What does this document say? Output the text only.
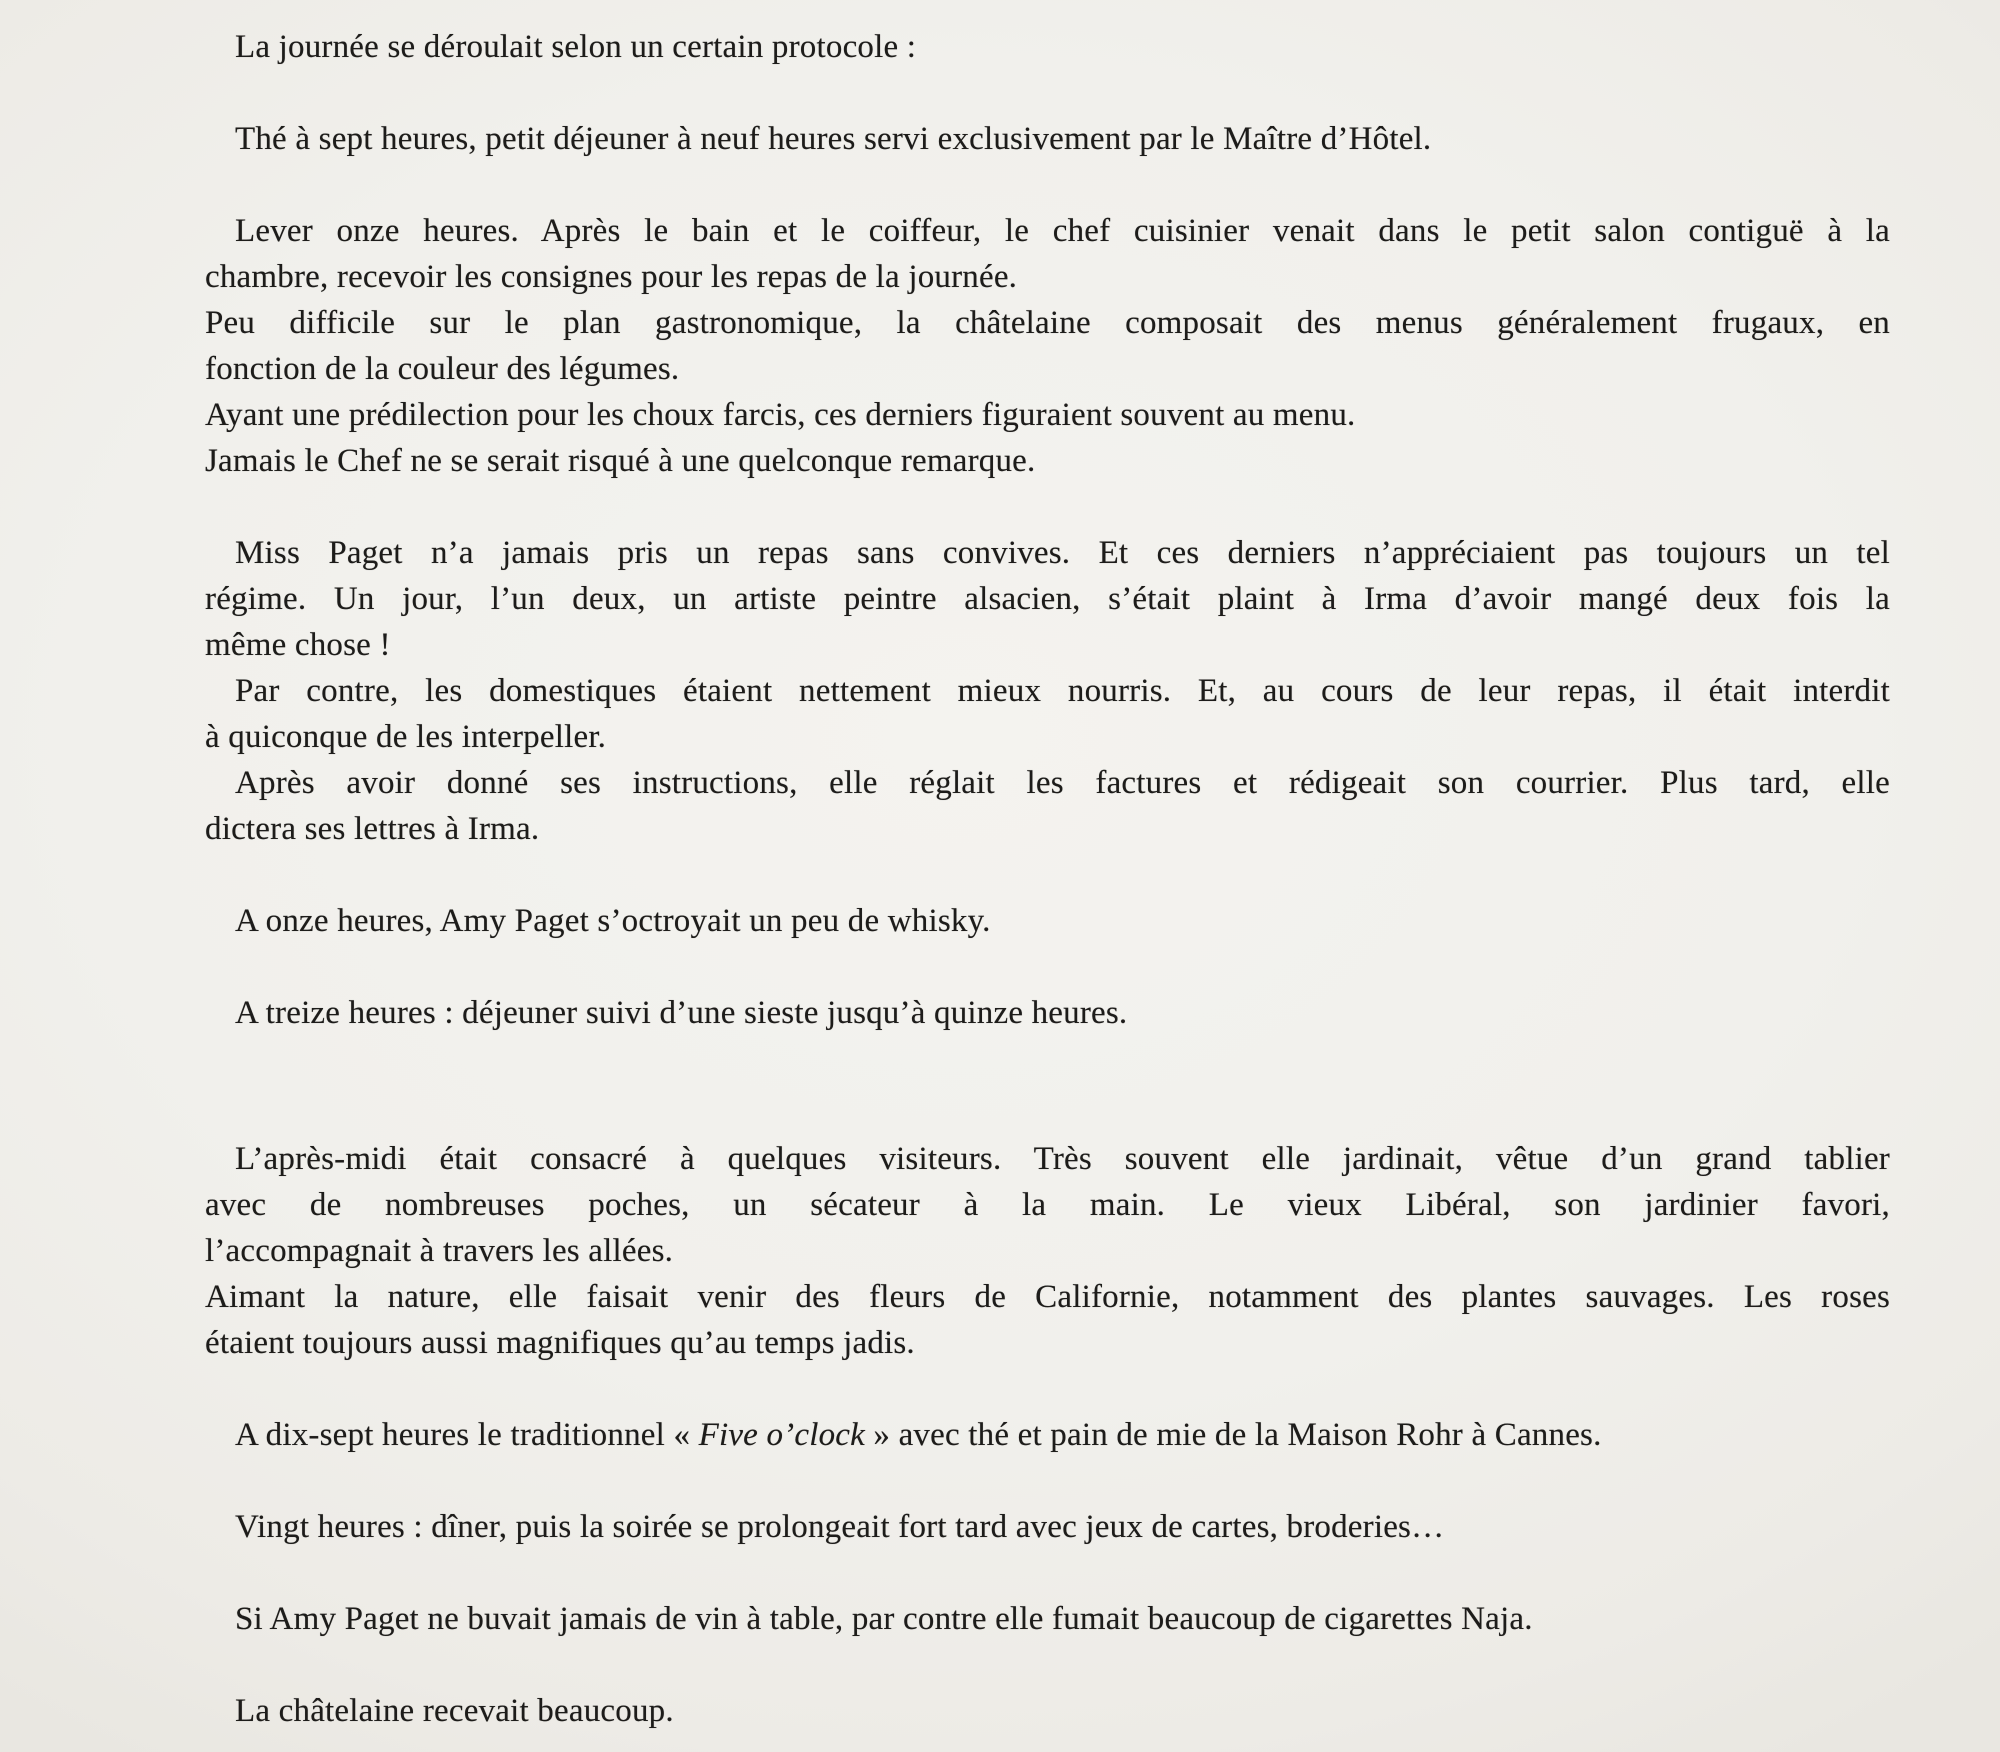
La journée se déroulait selon un certain protocole :
Thé à sept heures, petit déjeuner à neuf heures servi exclusivement par le Maître d’Hôtel.
Lever onze heures. Après le bain et le coiffeur, le chef cuisinier venait dans le petit salon contiguë à la
chambre, recevoir les consignes pour les repas de la journée.
Peu difficile sur le plan gastronomique, la châtelaine composait des menus généralement frugaux, en
fonction de la couleur des légumes.
Ayant une prédilection pour les choux farcis, ces derniers figuraient souvent au menu.
Jamais le Chef ne se serait risqué à une quelconque remarque.
Miss Paget n’a jamais pris un repas sans convives. Et ces derniers n’appréciaient pas toujours un tel
régime. Un jour, l’un deux, un artiste peintre alsacien, s’était plaint à Irma d’avoir mangé deux fois la
même chose !
Par contre, les domestiques étaient nettement mieux nourris. Et, au cours de leur repas, il était interdit
à quiconque de les interpeller.
Après avoir donné ses instructions, elle réglait les factures et rédigeait son courrier. Plus tard, elle
dictera ses lettres à Irma.
A onze heures, Amy Paget s’octroyait un peu de whisky.
A treize heures : déjeuner suivi d’une sieste jusqu’à quinze heures.
L’après-midi était consacré à quelques visiteurs. Très souvent elle jardinait, vêtue d’un grand tablier
avec de nombreuses poches, un sécateur à la main. Le vieux Libéral, son jardinier favori,
l’accompagnait à travers les allées.
Aimant la nature, elle faisait venir des fleurs de Californie, notamment des plantes sauvages. Les roses
étaient toujours aussi magnifiques qu’au temps jadis.
A dix-sept heures le traditionnel « Five o’clock » avec thé et pain de mie de la Maison Rohr à Cannes.
Vingt heures : dîner, puis la soirée se prolongeait fort tard avec jeux de cartes, broderies…
Si Amy Paget ne buvait jamais de vin à table, par contre elle fumait beaucoup de cigarettes Naja.
La châtelaine recevait beaucoup.
